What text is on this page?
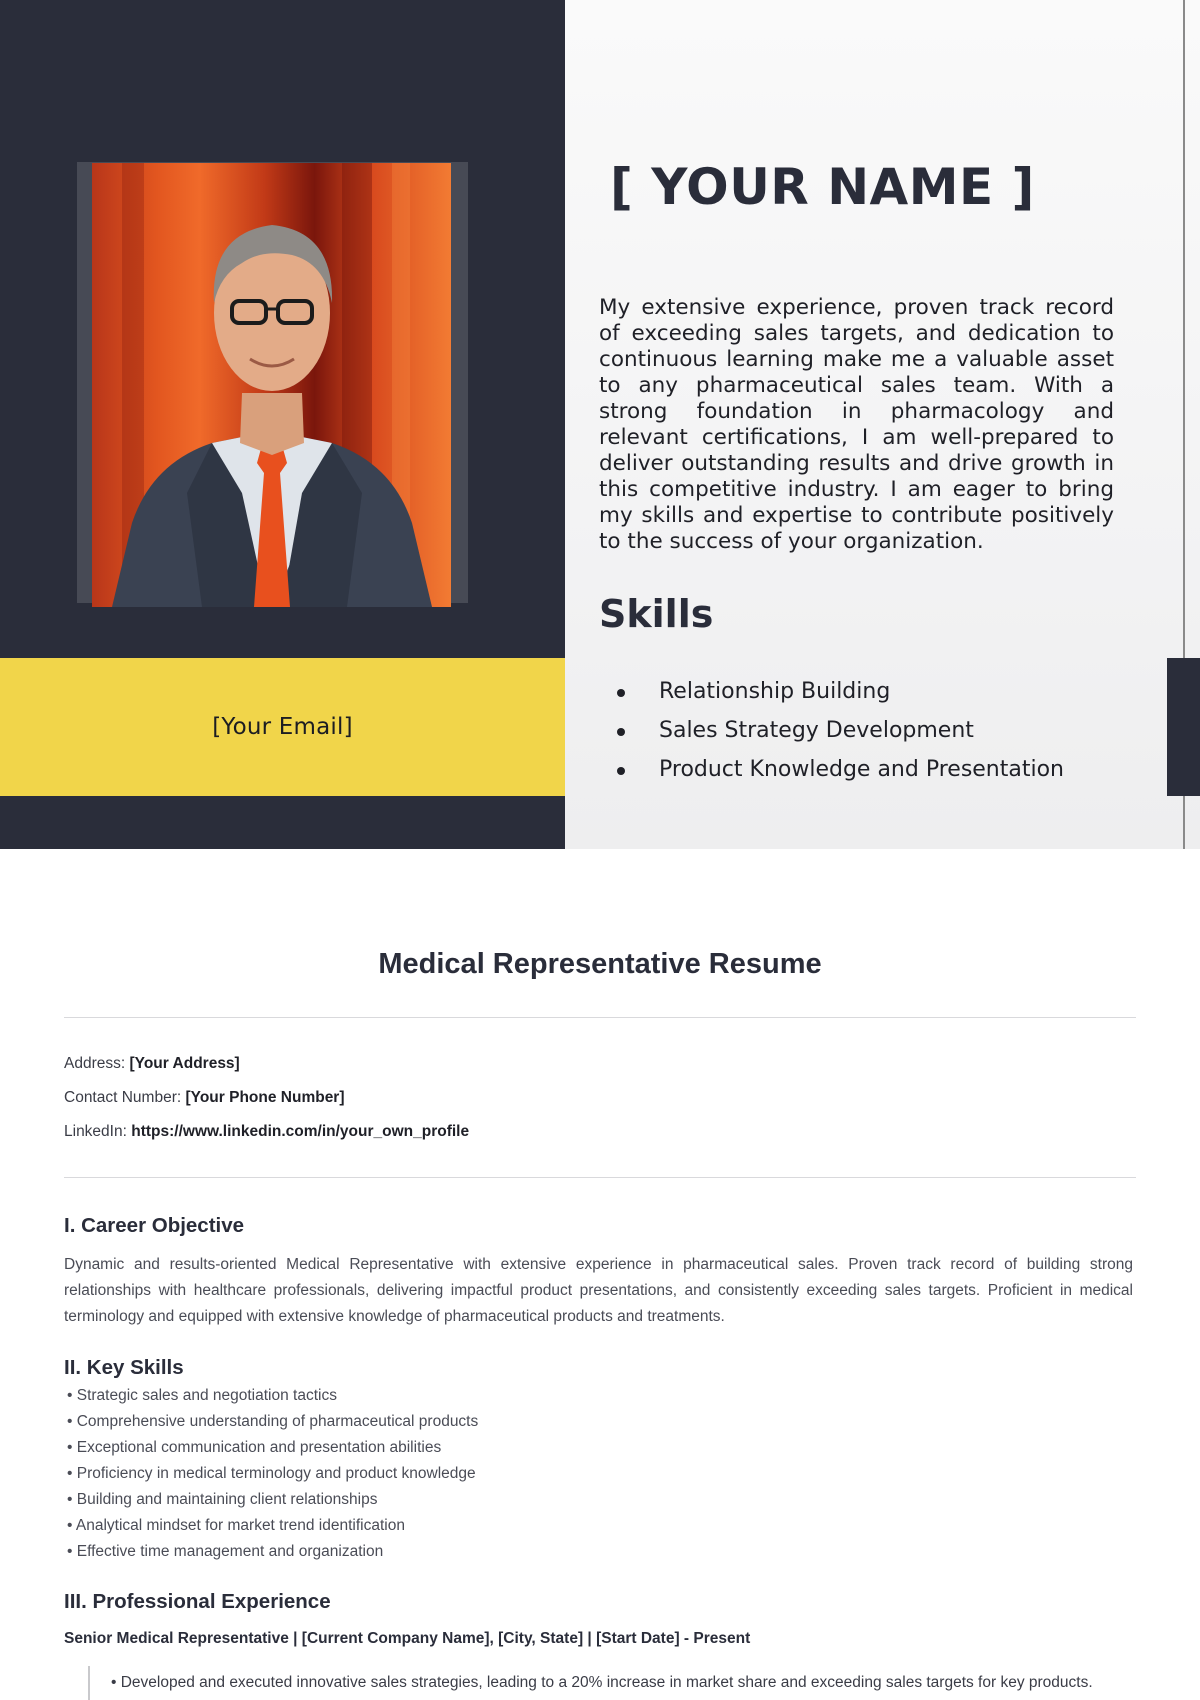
[Your Email]
[ YOUR NAME ]

My extensive experience, proven track record of exceeding sales targets, and dedication to continuous learning make me a valuable asset to any pharmaceutical sales team. With a strong foundation in pharmacology and relevant certifications, I am well-prepared to deliver outstanding results and drive growth in this competitive industry. I am eager to bring my skills and expertise to contribute positively to the success of your organization.

Skills
Relationship Building
Sales Strategy Development
Product Knowledge and Presentation
Medical Representative Resume
Address: [Your Address]
Contact Number: [Your Phone Number]
LinkedIn: https://www.linkedin.com/in/your_own_profile
I. Career Objective

Dynamic and results-oriented Medical Representative with extensive experience in pharmaceutical sales. Proven track record of building strong relationships with healthcare professionals, delivering impactful product presentations, and consistently exceeding sales targets. Proficient in medical terminology and equipped with extensive knowledge of pharmaceutical products and treatments.

II. Key Skills
• Strategic sales and negotiation tactics
• Comprehensive understanding of pharmaceutical products
• Exceptional communication and presentation abilities
• Proficiency in medical terminology and product knowledge
• Building and maintaining client relationships
• Analytical mindset for market trend identification
• Effective time management and organization
III. Professional Experience
Senior Medical Representative | [Current Company Name], [City, State] | [Start Date] - Present
• Developed and executed innovative sales strategies, leading to a 20% increase in market share and exceeding sales targets for key products.
